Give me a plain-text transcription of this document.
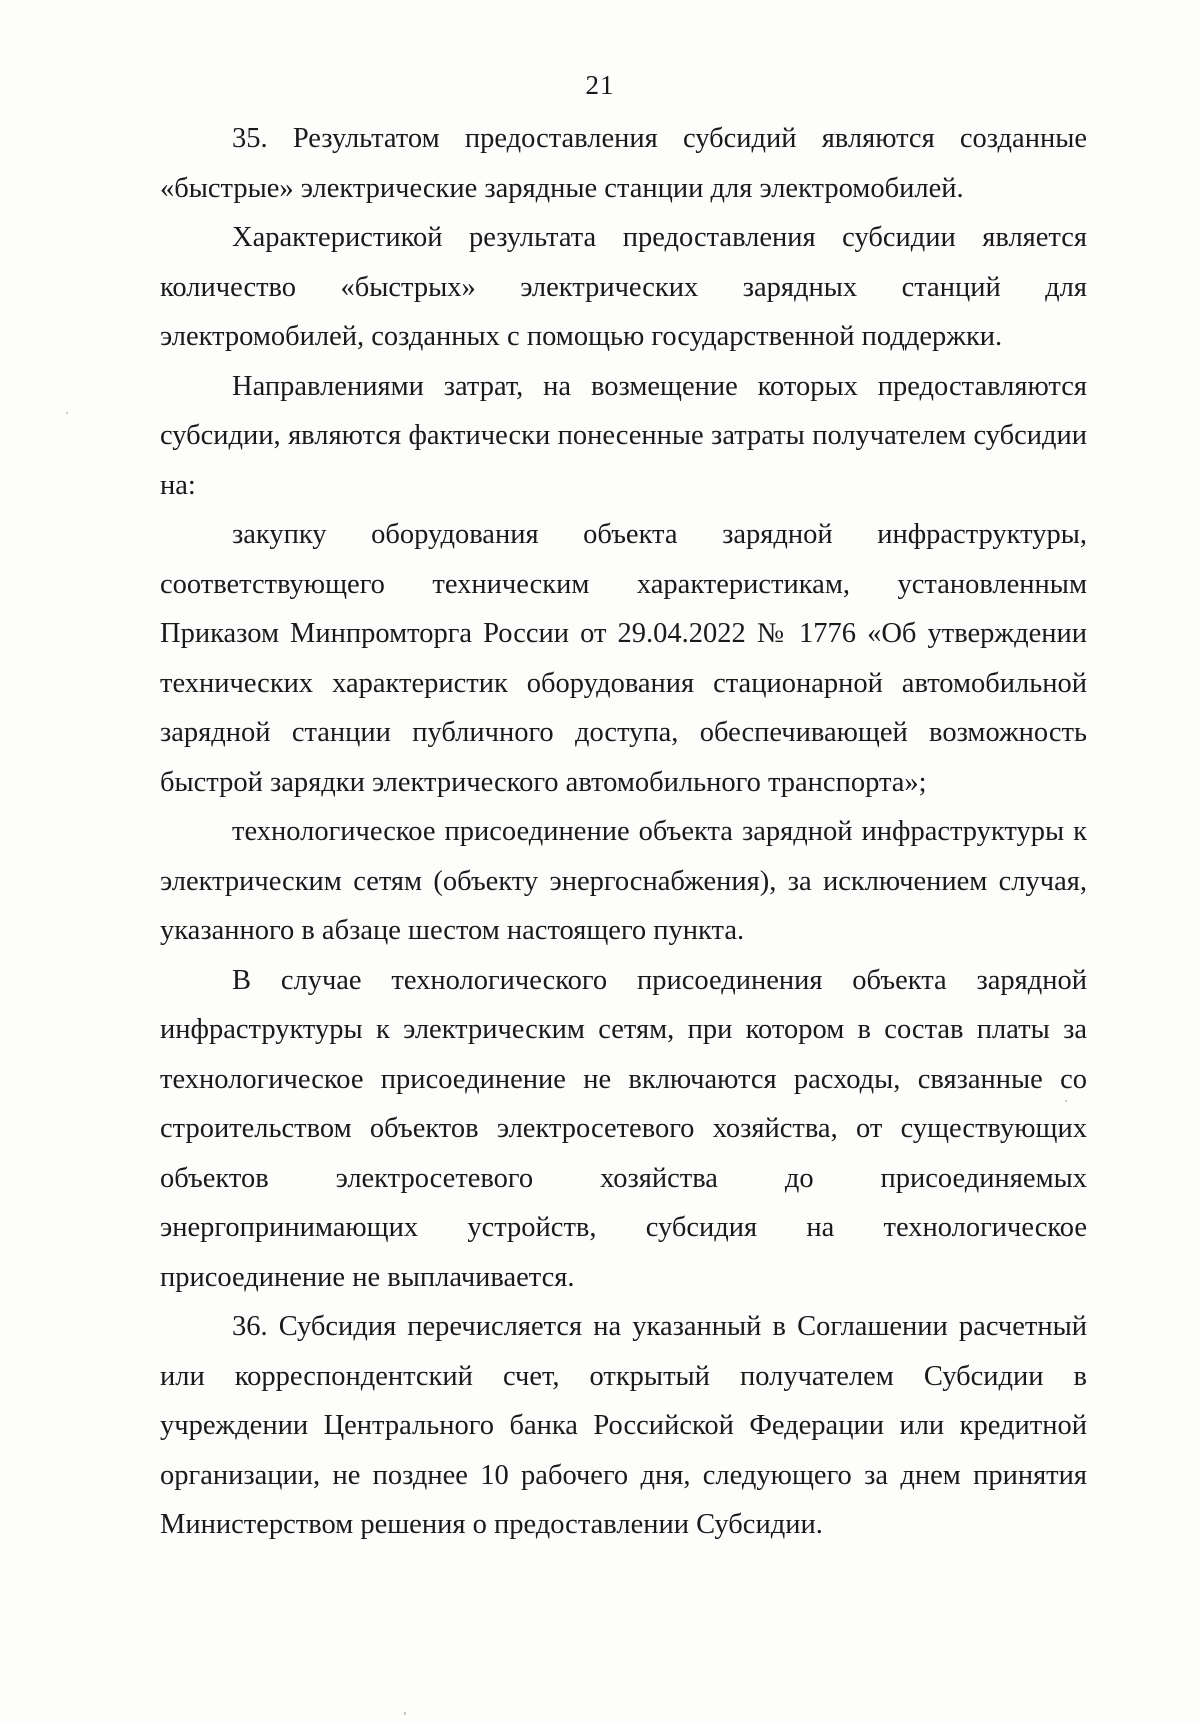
21

35. Результатом предоставления субсидий являются созданные «быстрые» электрические зарядные станции для электромобилей.

Характеристикой результата предоставления субсидии является количество «быстрых» электрических зарядных станций для электромобилей, созданных с помощью государственной поддержки.

Направлениями затрат, на возмещение которых предоставляются субсидии, являются фактически понесенные затраты получателем субсидии на:

закупку оборудования объекта зарядной инфраструктуры, соответствующего техническим характеристикам, установленным Приказом Минпромторга России от 29.04.2022 № 1776 «Об утверждении технических характеристик оборудования стационарной автомобильной зарядной станции публичного доступа, обеспечивающей возможность быстрой зарядки электрического автомобильного транспорта»;

технологическое присоединение объекта зарядной инфраструктуры к электрическим сетям (объекту энергоснабжения), за исключением случая, указанного в абзаце шестом настоящего пункта.

В случае технологического присоединения объекта зарядной инфраструктуры к электрическим сетям, при котором в состав платы за технологическое присоединение не включаются расходы, связанные со строительством объектов электросетевого хозяйства, от существующих объектов электросетевого хозяйства до присоединяемых энергопринимающих устройств, субсидия на технологическое присоединение не выплачивается.

36. Субсидия перечисляется на указанный в Соглашении расчетный или корреспондентский счет, открытый получателем Субсидии в учреждении Центрального банка Российской Федерации или кредитной организации, не позднее 10 рабочего дня, следующего за днем принятия Министерством решения о предоставлении Субсидии.
